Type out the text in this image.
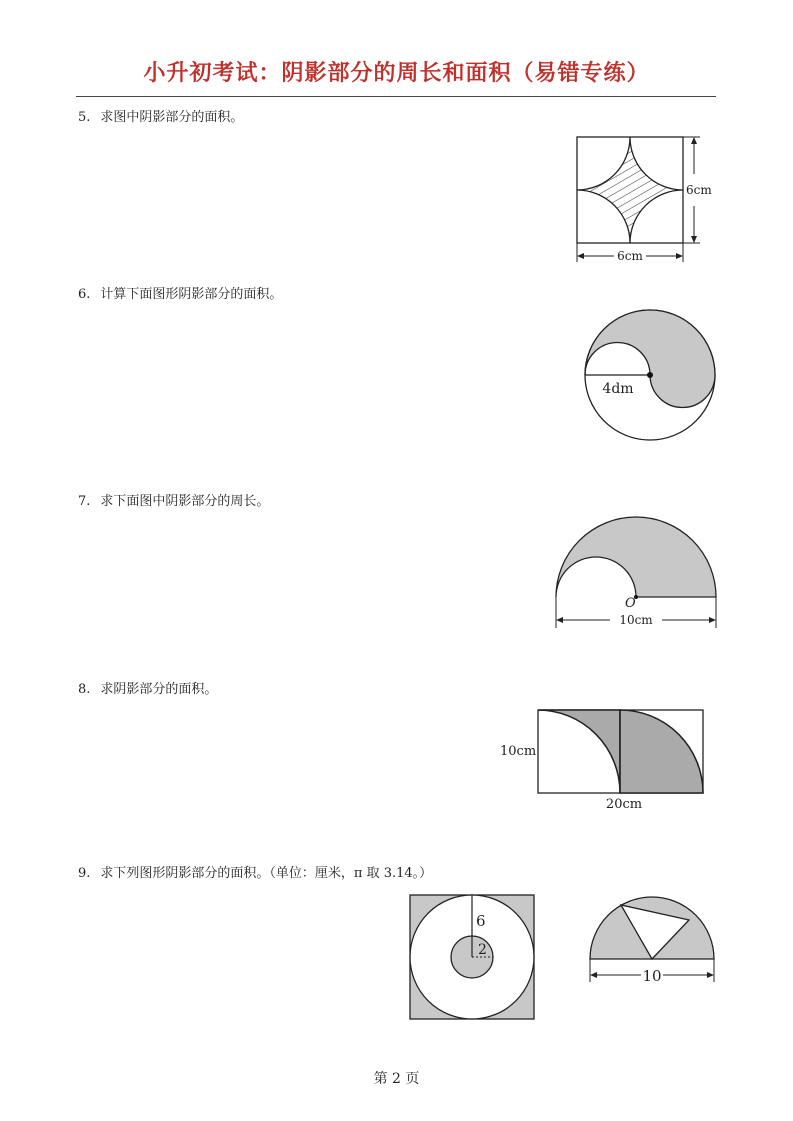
小升初考试：阴影部分的周长和面积（易错专练）
5. 求图中阴影部分的面积。
6cm
6cm
6. 计算下面图形阴影部分的面积。
4dm
7. 求下面图中阴影部分的周长。
O
10cm
8. 求阴影部分的面积。
10cm
20cm
9. 求下列图形阴影部分的面积。（单位：厘米，π 取 3.14。）
6
2
10
第 2 页
